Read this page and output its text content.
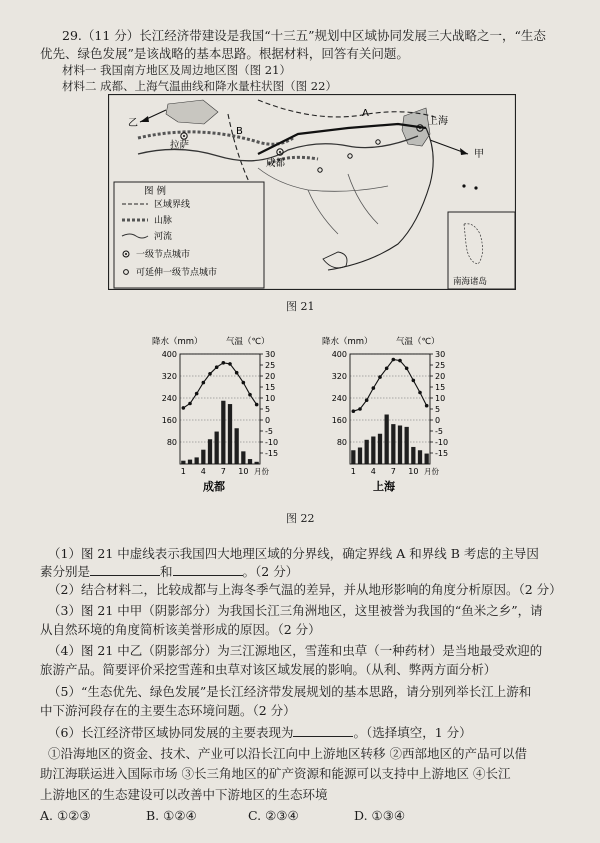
29.（11 分）长江经济带建设是我国“十三五”规划中区域协同发展三大战略之一，“生态
优先、绿色发展”是该战略的基本思路。根据材料，回答有关问题。
材料一 我国南方地区及周边地区图（图 21）
材料二 成都、上海气温曲线和降水量柱状图（图 22）
乙
拉萨
成都
上海
甲
A
B
南海诸岛
图 例
区域界线
山脉
河流
一级节点城市
可延伸一级节点城市
图 21
降水（mm）	气温（℃）
400
320
240
160
80
30
25
20
15
10
5
0
-5
-10
-15
1 4 7 10 月份
成都
降水（mm）	气温（℃）
400
320
240
160
80
30
25
20
15
10
5
0
-5
-10
-15
1 4 7 10 月份
上海
图 22
（1）图 21 中虚线表示我国四大地理区域的分界线，确定界线 A 和界线 B 考虑的主导因
素分别是	和	。（2 分）
（2）结合材料二，比较成都与上海冬季气温的差异，并从地形影响的角度分析原因。（2 分）
（3）图 21 中甲（阴影部分）为我国长江三角洲地区，这里被誉为我国的“鱼米之乡”，请
从自然环境的角度简析该美誉形成的原因。（2 分）
（4）图 21 中乙（阴影部分）为三江源地区，雪莲和虫草（一种药材）是当地最受欢迎的
旅游产品。简要评价采挖雪莲和虫草对该区域发展的影响。（从利、弊两方面分析）
（5）“生态优先、绿色发展”是长江经济带发展规划的基本思路，请分别列举长江上游和
中下游河段存在的主要生态环境问题。（2 分）
（6）长江经济带区域协同发展的主要表现为	。（选择填空，1 分）
①沿海地区的资金、技术、产业可以沿长江向中上游地区转移 ②西部地区的产品可以借
助江海联运进入国际市场 ③长三角地区的矿产资源和能源可以支持中上游地区 ④长江
上游地区的生态建设可以改善中下游地区的生态环境
A. ①②③	B. ①②④	C. ②③④	D. ①③④
